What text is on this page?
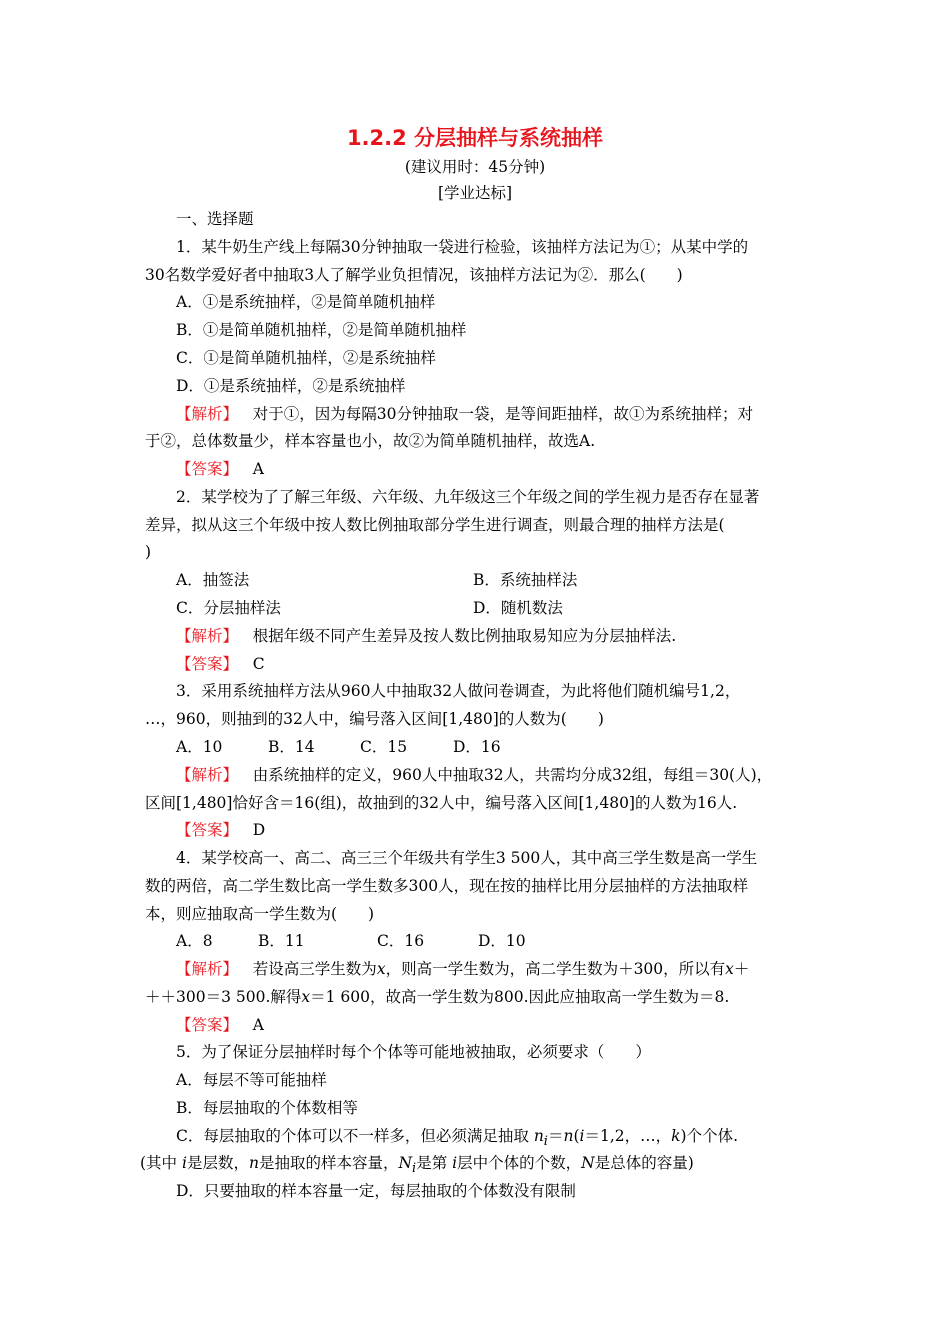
1.2.2 分层抽样与系统抽样
(建议用时：45分钟)
[学业达标]
一、选择题
1．某牛奶生产线上每隔30分钟抽取一袋进行检验，该抽样方法记为①；从某中学的
30名数学爱好者中抽取3人了解学业负担情况，该抽样方法记为②．那么(　　)
A．①是系统抽样，②是简单随机抽样
B．①是简单随机抽样，②是简单随机抽样
C．①是简单随机抽样，②是系统抽样
D．①是系统抽样，②是系统抽样
【解析】 对于①，因为每隔30分钟抽取一袋，是等间距抽样，故①为系统抽样；对
于②，总体数量少，样本容量也小，故②为简单随机抽样，故选A.
【答案】 A
2．某学校为了了解三年级、六年级、九年级这三个年级之间的学生视力是否存在显著
差异，拟从这三个年级中按人数比例抽取部分学生进行调查，则最合理的抽样方法是(
)
A．抽签法	B．系统抽样法
C．分层抽样法	D．随机数法
【解析】 根据年级不同产生差异及按人数比例抽取易知应为分层抽样法.
【答案】 C
3．采用系统抽样方法从960人中抽取32人做问卷调查，为此将他们随机编号1,2，
…，960，则抽到的32人中，编号落入区间[1,480]的人数为(　　)
A．10	B．14	C．15	D．16
【解析】 由系统抽样的定义，960人中抽取32人，共需均分成32组，每组＝30(人)，
区间[1,480]恰好含＝16(组)，故抽到的32人中，编号落入区间[1,480]的人数为16人.
【答案】 D
4．某学校高一、高二、高三三个年级共有学生3 500人，其中高三学生数是高一学生
数的两倍，高二学生数比高一学生数多300人，现在按的抽样比用分层抽样的方法抽取样
本，则应抽取高一学生数为(　　)
A．8	B．11	C．16	D．10
【解析】 若设高三学生数为x，则高一学生数为，高二学生数为＋300，所以有x＋
＋＋300＝3 500.解得x＝1 600，故高一学生数为800.因此应抽取高一学生数为＝8.
【答案】 A
5．为了保证分层抽样时每个个体等可能地被抽取，必须要求（　　）
A．每层不等可能抽样
B．每层抽取的个体数相等
C．每层抽取的个体可以不一样多，但必须满足抽取 $n_i=n(i=1,2$，…，k)个个体.
(其中 i是层数，n是抽取的样本容量，$N_i$是第 i层中个体的个数，N是总体的容量)
D．只要抽取的样本容量一定，每层抽取的个体数没有限制
